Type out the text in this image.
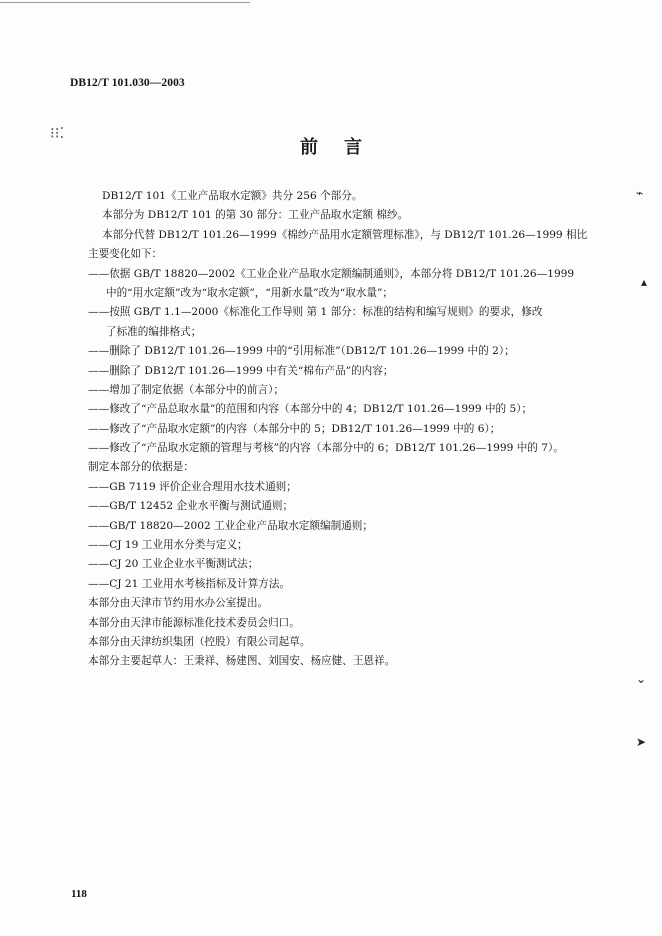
DB12/T 101.030—2003
⁝⁝⁚
前言
DB12/T 101《工业产品取水定额》共分 256 个部分。
本部分为 DB12/T 101 的第 30 部分：工业产品取水定额 棉纱。
本部分代替 DB12/T 101.26—1999《棉纱产品用水定额管理标准》，与 DB12/T 101.26—1999 相比
主要变化如下：
——依据 GB/T 18820—2002《工业企业产品取水定额编制通则》，本部分将 DB12/T 101.26—1999
中的“用水定额”改为“取水定额”，“用新水量”改为“取水量”；
——按照 GB/T 1.1—2000《标准化工作导则 第 1 部分：标准的结构和编写规则》的要求，修改
了标准的编排格式；
——删除了 DB12/T 101.26—1999 中的“引用标准”（DB12/T 101.26—1999 中的 2）；
——删除了 DB12/T 101.26—1999 中有关“棉布产品”的内容；
——增加了制定依据（本部分中的前言）；
——修改了“产品总取水量”的范围和内容（本部分中的 4；DB12/T 101.26—1999 中的 5）；
——修改了“产品取水定额”的内容（本部分中的 5；DB12/T 101.26—1999 中的 6）；
——修改了“产品取水定额的管理与考核”的内容（本部分中的 6；DB12/T 101.26—1999 中的 7）。
制定本部分的依据是：
——GB 7119 评价企业合理用水技术通则；
——GB/T 12452 企业水平衡与测试通则；
——GB/T 18820—2002 工业企业产品取水定额编制通则；
——CJ 19 工业用水分类与定义；
——CJ 20 工业企业水平衡测试法；
——CJ 21 工业用水考核指标及计算方法。
本部分由天津市节约用水办公室提出。
本部分由天津市能源标准化技术委员会归口。
本部分由天津纺织集团（控股）有限公司起草。
本部分主要起草人：王秉祥、杨建图、刘国安、杨应健、王恩祥。
⌁
▴
⌄
➤
118
